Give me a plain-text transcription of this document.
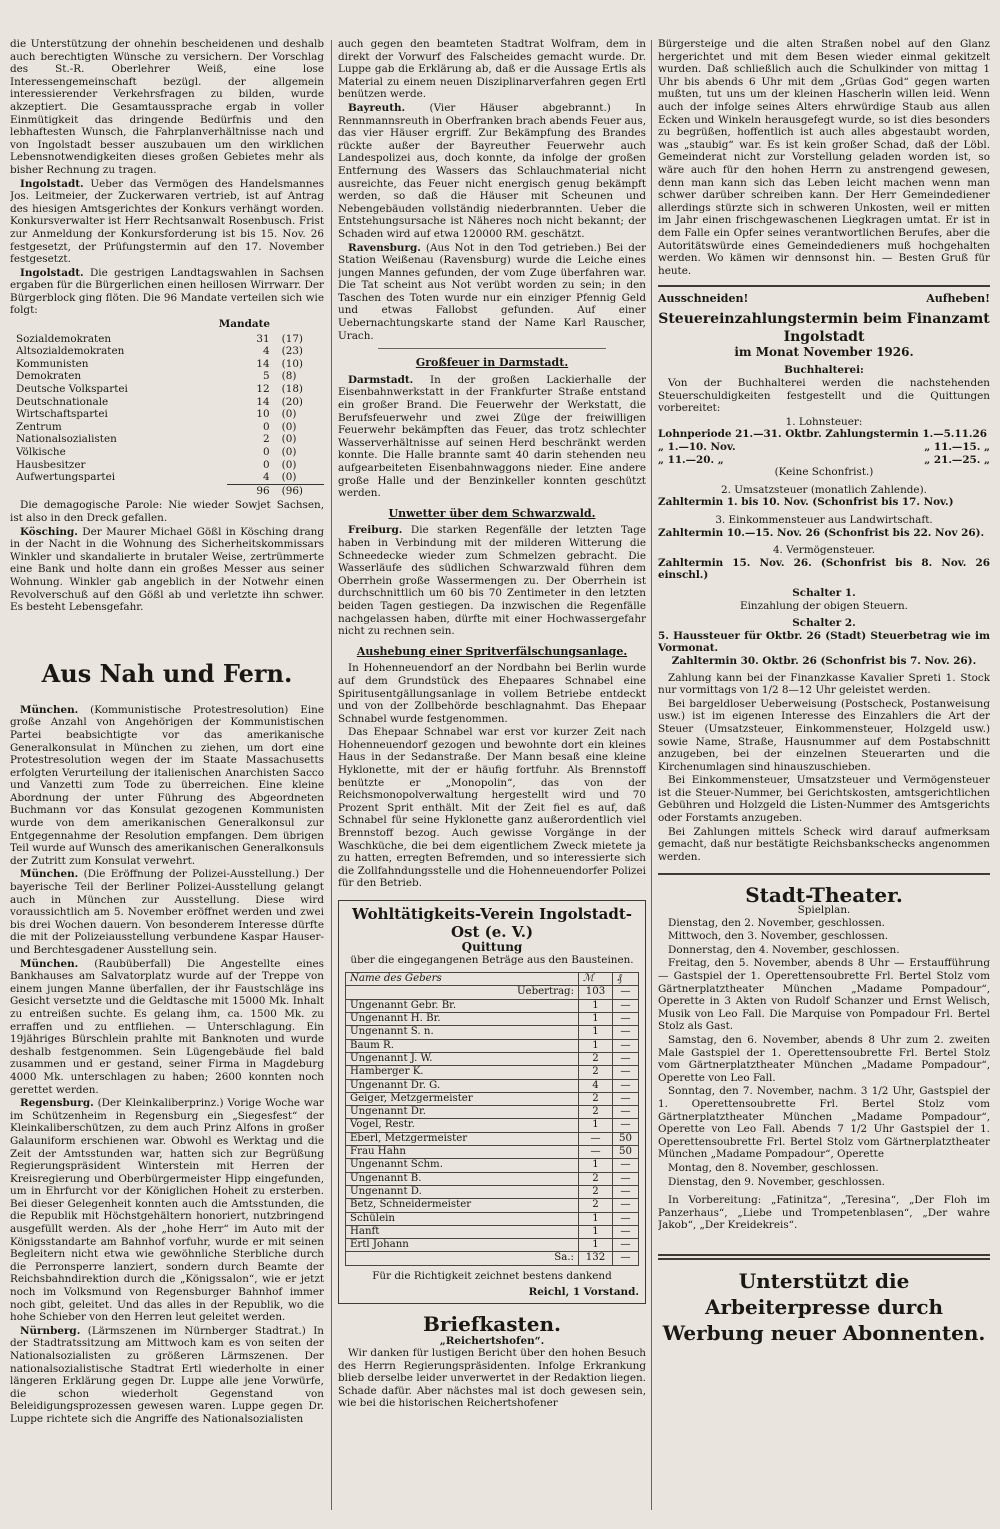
die Unterstützung der ohnehin bescheidenen und deshalb auch berechtigten Wünsche zu versichern. Der Vorschlag des St.-R. Oberlehrer Weiß, eine lose Interessengemeinschaft bezügl. der allgemein interessierender Verkehrsfragen zu bilden, wurde akzeptiert. Die Gesamtaussprache ergab in voller Einmütigkeit das dringende Bedürfnis und den lebhaftesten Wunsch, die Fahrplanverhältnisse nach und von Ingolstadt besser auszubauen um den wirklichen Lebensnotwendigkeiten dieses großen Gebietes mehr als bisher Rechnung zu tragen.

Ingolstadt. Ueber das Vermögen des Handelsmannes Jos. Leitmeier, der Zuckerwaren vertrieb, ist auf Antrag des hiesigen Amtsgerichtes der Konkurs verhängt worden. Konkursverwalter ist Herr Rechtsanwalt Rosenbusch. Frist zur Anmeldung der Konkursforderung ist bis 15. Nov. 26 festgesetzt, der Prüfungstermin auf den 17. November festgesetzt.

Ingolstadt. Die gestrigen Landtagswahlen in Sachsen ergaben für die Bürgerlichen einen heillosen Wirrwarr. Der Bürgerblock ging flöten. Die 96 Mandate verteilen sich wie folgt:

Mandate
Sozialdemokraten	31	(17)
Altsozialdemokraten	4	(23)
Kommunisten	14	(10)
Demokraten	5	(8)
Deutsche Volkspartei	12	(18)
Deutschnationale	14	(20)
Wirtschaftspartei	10	(0)
Zentrum	0	(0)
Nationalsozialisten	2	(0)
Völkische	0	(0)
Hausbesitzer	0	(0)
Aufwertungspartei	4	(0)
	96	(96)

Die demagogische Parole: Nie wieder Sowjet Sachsen, ist also in den Dreck gefallen.

Kösching. Der Maurer Michael Gößl in Kösching drang in der Nacht in die Wohnung des Sicherheitskommissars Winkler und skandalierte in brutaler Weise, zertrümmerte eine Bank und holte dann ein großes Messer aus seiner Wohnung. Winkler gab angeblich in der Notwehr einen Revolverschuß auf den Gößl ab und verletzte ihn schwer. Es besteht Lebensgefahr.

Aus Nah und Fern.

München. (Kommunistische Protestresolution) Eine große Anzahl von Angehörigen der Kommunistischen Partei beabsichtigte vor das amerikanische Generalkonsulat in München zu ziehen, um dort eine Protestresolution wegen der im Staate Massachusetts erfolgten Verurteilung der italienischen Anarchisten Sacco und Vanzetti zum Tode zu überreichen. Eine kleine Abordnung der unter Führung des Abgeordneten Buchmann vor das Konsulat gezogenen Kommunisten wurde von dem amerikanischen Generalkonsul zur Entgegennahme der Resolution empfangen. Dem übrigen Teil wurde auf Wunsch des amerikanischen Generalkonsuls der Zutritt zum Konsulat verwehrt.

München. (Die Eröffnung der Polizei-Ausstellung.) Der bayerische Teil der Berliner Polizei-Ausstellung gelangt auch in München zur Ausstellung. Diese wird voraussichtlich am 5. November eröffnet werden und zwei bis drei Wochen dauern. Von besonderem Interesse dürfte die mit der Polizeiausstellung verbundene Kaspar Hauser- und Berchtesgadener Ausstellung sein.

München. (Raubüberfall) Die Angestellte eines Bankhauses am Salvatorplatz wurde auf der Treppe von einem jungen Manne überfallen, der ihr Faustschläge ins Gesicht versetzte und die Geldtasche mit 15000 Mk. Inhalt zu entreißen suchte. Es gelang ihm, ca. 1500 Mk. zu erraffen und zu entfliehen. — Unterschlagung. Ein 19jähriges Bürschlein prahlte mit Banknoten und wurde deshalb festgenommen. Sein Lügengebäude fiel bald zusammen und er gestand, seiner Firma in Magdeburg 4000 Mk. unterschlagen zu haben; 2600 konnten noch gerettet werden.

Regensburg. (Der Kleinkaliberprinz.) Vorige Woche war im Schützenheim in Regensburg ein „Siegesfest“ der Kleinkaliberschützen, zu dem auch Prinz Alfons in großer Galauniform erschienen war. Obwohl es Werktag und die Zeit der Amtsstunden war, hatten sich zur Begrüßung Regierungspräsident Winterstein mit Herren der Kreisregierung und Oberbürgermeister Hipp eingefunden, um in Ehrfurcht vor der Königlichen Hoheit zu ersterben. Bei dieser Gelegenheit konnten auch die Amtsstunden, die die Republik mit Höchstgehältern honoriert, nutzbringend ausgefüllt werden. Als der „hohe Herr“ im Auto mit der Königsstandarte am Bahnhof vorfuhr, wurde er mit seinen Begleitern nicht etwa wie gewöhnliche Sterbliche durch die Perronsperre lanziert, sondern durch Beamte der Reichsbahndirektion durch die „Königssalon“, wie er jetzt noch im Volksmund von Regensburger Bahnhof immer noch gibt, geleitet. Und das alles in der Republik, wo die hohe Schieber von den Herren leut geleitet werden.

Nürnberg. (Lärmszenen im Nürnberger Stadtrat.) In der Stadtratssitzung am Mittwoch kam es von seiten der Nationalsozialisten zu größeren Lärmszenen. Der nationalsozialistische Stadtrat Ertl wiederholte in einer längeren Erklärung gegen Dr. Luppe alle jene Vorwürfe, die schon wiederholt Gegenstand von Beleidigungsprozessen gewesen waren. Luppe gegen Dr. Luppe richtete sich die Angriffe des Nationalsozialisten

auch gegen den beamteten Stadtrat Wolfram, dem in direkt der Vorwurf des Falscheides gemacht wurde. Dr. Luppe gab die Erklärung ab, daß er die Aussage Ertls als Material zu einem neuen Disziplinarverfahren gegen Ertl benützen werde.

Bayreuth. (Vier Häuser abgebrannt.) In Rennmannsreuth in Oberfranken brach abends Feuer aus, das vier Häuser ergriff. Zur Bekämpfung des Brandes rückte außer der Bayreuther Feuerwehr auch Landespolizei aus, doch konnte, da infolge der großen Entfernung des Wassers das Schlauchmaterial nicht ausreichte, das Feuer nicht energisch genug bekämpft werden, so daß die Häuser mit Scheunen und Nebengebäuden vollständig niederbrannten. Ueber die Entstehungsursache ist Näheres noch nicht bekannt; der Schaden wird auf etwa 120000 RM. geschätzt.

Ravensburg. (Aus Not in den Tod getrieben.) Bei der Station Weißenau (Ravensburg) wurde die Leiche eines jungen Mannes gefunden, der vom Zuge überfahren war. Die Tat scheint aus Not verübt worden zu sein; in den Taschen des Toten wurde nur ein einziger Pfennig Geld und etwas Fallobst gefunden. Auf einer Uebernachtungskarte stand der Name Karl Rauscher, Urach.

Großfeuer in Darmstadt.

Darmstadt. In der großen Lackierhalle der Eisenbahnwerkstatt in der Frankfurter Straße entstand ein großer Brand. Die Feuerwehr der Werkstatt, die Berufsfeuerwehr und zwei Züge der freiwilligen Feuerwehr bekämpften das Feuer, das trotz schlechter Wasserverhältnisse auf seinen Herd beschränkt werden konnte. Die Halle brannte samt 40 darin stehenden neu aufgearbeiteten Eisenbahnwaggons nieder. Eine andere große Halle und der Benzinkeller konnten geschützt werden.

Unwetter über dem Schwarzwald.

Freiburg. Die starken Regenfälle der letzten Tage haben in Verbindung mit der milderen Witterung die Schneedecke wieder zum Schmelzen gebracht. Die Wasserläufe des südlichen Schwarzwald führen dem Oberrhein große Wassermengen zu. Der Oberrhein ist durchschnittlich um 60 bis 70 Zentimeter in den letzten beiden Tagen gestiegen. Da inzwischen die Regenfälle nachgelassen haben, dürfte mit einer Hochwassergefahr nicht zu rechnen sein.

Aushebung einer Spritverfälschungsanlage.

In Hohenneuendorf an der Nordbahn bei Berlin wurde auf dem Grundstück des Ehepaares Schnabel eine Spiritusentgällungsanlage in vollem Betriebe entdeckt und von der Zollbehörde beschlagnahmt. Das Ehepaar Schnabel wurde festgenommen.

Das Ehepaar Schnabel war erst vor kurzer Zeit nach Hohenneuendorf gezogen und bewohnte dort ein kleines Haus in der Sedanstraße. Der Mann besaß eine kleine Hyklonette, mit der er häufig fortfuhr. Als Brennstoff benützte er „Monopolin“, das von der Reichsmonopolverwaltung hergestellt wird und 70 Prozent Sprit enthält. Mit der Zeit fiel es auf, daß Schnabel für seine Hyklonette ganz außerordentlich viel Brennstoff bezog. Auch gewisse Vorgänge in der Waschküche, die bei dem eigentlichem Zweck mietete ja zu hatten, erregten Befremden, und so interessierte sich die Zollfahndungsstelle und die Hohenneuendorfer Polizei für den Betrieb.

Wohltätigkeits-Verein Ingolstadt-Ost (e. V.)
Quittung
über die eingegangenen Beträge aus den Bausteinen.
Name des Gebers	ℳ	₰
Uebertrag:	103	—
Ungenannt Gebr. Br.	1	—
Ungenannt H. Br.	1	—
Ungenannt S. n.	1	—
Baum R.	1	—
Ungenannt J. W.	2	—
Hamberger K.	2	—
Ungenannt Dr. G.	4	—
Geiger, Metzgermeister	2	—
Ungenannt Dr.	2	—
Vogel, Restr.	1	—
Eberl, Metzgermeister	—	50
Frau Hahn	—	50
Ungenannt Schm.	1	—
Ungenannt B.	2	—
Ungenannt D.	2	—
Betz, Schneidermeister	2	—
Schülein	1	—
Hanft	1	—
Ertl Johann	1	—
Sa.:	132	—
Für die Richtigkeit zeichnet bestens dankend
Reichl, 1 Vorstand.
Briefkasten.
„Reichertshofen“.

Wir danken für lustigen Bericht über den hohen Besuch des Herrn Regierungspräsidenten. Infolge Erkrankung blieb derselbe leider unverwertet in der Redaktion liegen. Schade dafür. Aber nächstes mal ist doch gewesen sein, wie bei die historischen Reichertshofener

Bürgersteige und die alten Straßen nobel auf den Glanz hergerichtet und mit dem Besen wieder einmal gekitzelt wurden. Daß schließlich auch die Schulkinder von mittag 1 Uhr bis abends 6 Uhr mit dem „Grüas God“ gegen warten mußten, tut uns um der kleinen Hascherln willen leid. Wenn auch der infolge seines Alters ehrwürdige Staub aus allen Ecken und Winkeln herausgefegt wurde, so ist dies besonders zu begrüßen, hoffentlich ist auch alles abgestaubt worden, was „staubig“ war. Es ist kein großer Schad, daß der Löbl. Gemeinderat nicht zur Vorstellung geladen worden ist, so wäre auch für den hohen Herrn zu anstrengend gewesen, denn man kann sich das Leben leicht machen wenn man schwer darüber schreiben kann. Der Herr Gemeindediener allerdings stürzte sich in schweren Unkosten, weil er mitten im Jahr einen frischgewaschenen Liegkragen umtat. Er ist in dem Falle ein Opfer seines verantwortlichen Berufes, aber die Autoritätswürde eines Gemeindedieners muß hochgehalten werden. Wo kämen wir dennsonst hin. — Besten Gruß für heute.

Ausschneiden!	Aufheben!
Steuereinzahlungstermin beim Finanzamt Ingolstadt
im Monat November 1926.
Buchhalterei:

Von der Buchhalterei werden die nachstehenden Steuerschuldigkeiten festgestellt und die Quittungen vorbereitet:

1. Lohnsteuer:
Lohnperiode 21.—31. Oktbr. Zahlungstermin 1.—5.11.26
„ 1.—10. Nov.	„ 11.—15. „
„ 11.—20. „	„ 21.—25. „
(Keine Schonfrist.)
2. Umsatzsteuer (monatlich Zahlende).
Zahltermin 1. bis 10. Nov. (Schonfrist bis 17. Nov.)
3. Einkommensteuer aus Landwirtschaft.
Zahltermin 10.—15. Nov. 26 (Schonfrist bis 22. Nov 26).
4. Vermögensteuer.
Zahltermin 15. Nov. 26. (Schonfrist bis 8. Nov. 26 einschl.)
Schalter 1.
Einzahlung der obigen Steuern.
Schalter 2.
5. Haussteuer für Oktbr. 26 (Stadt) Steuerbetrag wie im Vormonat.
Zahltermin 30. Oktbr. 26 (Schonfrist bis 7. Nov. 26).

Zahlung kann bei der Finanzkasse Kavalier Spreti 1. Stock nur vormittags von 1/2 8—12 Uhr geleistet werden.

Bei bargeldloser Ueberweisung (Postscheck, Postanweisung usw.) ist im eigenen Interesse des Einzahlers die Art der Steuer (Umsatzsteuer, Einkommensteuer, Holzgeld usw.) sowie Name, Straße, Hausnummer auf dem Postabschnitt anzugeben, bei der einzelnen Steuerarten und die Kirchenumlagen sind hinauszuschieben.

Bei Einkommensteuer, Umsatzsteuer und Vermögensteuer ist die Steuer-Nummer, bei Gerichtskosten, amtsgerichtlichen Gebühren und Holzgeld die Listen-Nummer des Amtsgerichts oder Forstamts anzugeben.

Bei Zahlungen mittels Scheck wird darauf aufmerksam gemacht, daß nur bestätigte Reichsbankschecks angenommen werden.

Stadt-Theater.
Spielplan.

Dienstag, den 2. November, geschlossen.

Mittwoch, den 3. November, geschlossen.

Donnerstag, den 4. November, geschlossen.

Freitag, den 5. November, abends 8 Uhr — Erstaufführung — Gastspiel der 1. Operettensoubrette Frl. Bertel Stolz vom Gärtnerplatztheater München „Madame Pompadour“, Operette in 3 Akten von Rudolf Schanzer und Ernst Welisch, Musik von Leo Fall. Die Marquise von Pompadour Frl. Bertel Stolz als Gast.

Samstag, den 6. November, abends 8 Uhr zum 2. zweiten Male Gastspiel der 1. Operettensoubrette Frl. Bertel Stolz vom Gärtnerplatztheater München „Madame Pompadour“, Operette von Leo Fall.

Sonntag, den 7. November, nachm. 3 1/2 Uhr, Gastspiel der 1. Operettensoubrette Frl. Bertel Stolz vom Gärtnerplatztheater München „Madame Pompadour“, Operette von Leo Fall. Abends 7 1/2 Uhr Gastspiel der 1. Operettensoubrette Frl. Bertel Stolz vom Gärtnerplatztheater München „Madame Pompadour“, Operette

Montag, den 8. November, geschlossen.

Dienstag, den 9. November, geschlossen.

In Vorbereitung: „Fatinitza“, „Teresina“, „Der Floh im Panzerhaus“, „Liebe und Trompetenblasen“, „Der wahre Jakob“, „Der Kreidekreis“.

Unterstützt die Arbeiterpresse durch Werbung neuer Abonnenten.
